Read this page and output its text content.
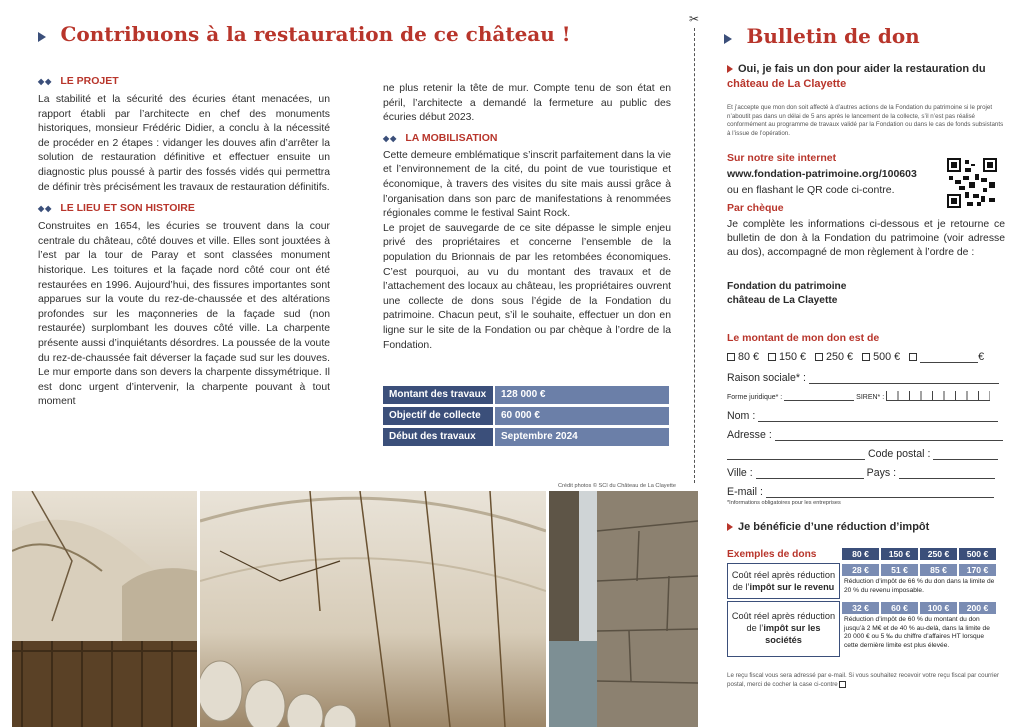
Contribuons à la restauration de ce château !
◆◆ LE PROJET

La stabilité et la sécurité des écuries étant menacées, un rapport établi par l’architecte en chef des monuments historiques, monsieur Frédéric Didier, a conclu à la nécessité de procéder en 2 étapes : vidanger les douves afin d’arrêter la solution de restauration définitive et effectuer ensuite un diagnostic plus poussé à partir des fossés vidés qui permettra de définir très précisément les travaux de restauration définitifs.

◆◆ LE LIEU ET SON HISTOIRE

Construites en 1654, les écuries se trouvent dans la cour centrale du château, côté douves et ville. Elles sont jouxtées à l’est par la tour de Paray et sont classées monument historique. Les toitures et la façade nord côté cour ont été restaurées en 1996. Aujourd’hui, des fissures importantes sont apparues sur la voute du rez-de-chaussée et des altérations profondes sur les maçonneries de la façade sud (non restaurée) surplombant les douves côté ville. La charpente présente aussi d’inquiétants désordres. La poussée de la voute du rez-de-chaussée fait déverser la façade sud sur les douves. Le mur emporte dans son devers la charpente dissymétrique. Il est donc urgent d’intervenir, la charpente pouvant à tout moment

ne plus retenir la tête de mur. Compte tenu de son état en péril, l’architecte a demandé la fermeture au public des écuries début 2023.

◆◆ LA MOBILISATION

Cette demeure emblématique s’inscrit parfaitement dans la vie et l’environnement de la cité, du point de vue touristique et économique, à travers des visites du site mais aussi grâce à l’organisation dans son parc de manifestations à renommées régionales comme le festival Saint Rock.

Le projet de sauvegarde de ce site dépasse le simple enjeu privé des propriétaires et concerne l’ensemble de la population du Brionnais de par les retombées économiques. C’est pourquoi, au vu du montant des travaux et de l’attachement des locaux au château, les propriétaires ouvrent une collecte de dons sous l’égide de la Fondation du patrimoine. Chacun peut, s’il le souhaite, effectuer un don en ligne sur le site de la Fondation ou par chèque à l’ordre de la Fondation.

Montant des travaux	128 000 €
Objectif de collecte	60 000 €
Début des travaux	Septembre 2024
Crédit photos © SCI du Château de La Clayette
✂
Bulletin de don
Oui, je fais un don pour aider la restauration du
château de La Clayette

Et j’accepte que mon don soit affecté à d’autres actions de la Fondation du patrimoine si le projet n’aboutit pas dans un délai de 5 ans après le lancement de la collecte, s’il n’est pas réalisé conformément au programme de travaux validé par la Fondation ou dans le cas de fonds subsistants à l’issue de l’opération.

Sur notre site internet
www.fondation-patrimoine.org/100603
ou en flashant le QR code ci-contre.
Par chèque

Je complète les informations ci-dessous et je retourne ce bulletin de don à la Fondation du patrimoine (voir adresse au dos), accompagné de mon règlement à l’ordre de :

Fondation du patrimoine
château de La Clayette
Le montant de mon don est de
80 € 150 € 250 € 500 €	€
Raison sociale* :
Forme juridique* :	SIREN* :
Nom :
Adresse :
Code postal :
Ville :	Pays :
E-mail :
*Informations obligatoires pour les entreprises
Je bénéficie d’une réduction d’impôt
Exemples de dons	80 €	150 €	250 €	500 €
Coût réel après réduction
de l’impôt sur le revenu
28 €	51 €	85 €	170 €
Réduction d’impôt de 66 % du don dans la limite de 20 % du revenu imposable.
Coût réel après réduction
de l’impôt sur les
sociétés
32 €	60 €	100 €	200 €
Réduction d’impôt de 60 % du montant du don jusqu’à 2 M€ et de 40 % au-delà, dans la limite de 20 000 € ou 5 ‰ du chiffre d’affaires HT lorsque cette dernière limite est plus élevée.
Le reçu fiscal vous sera adressé par e-mail. Si vous souhaitez recevoir votre reçu fiscal par courrier postal, merci de cocher la case ci-contre
